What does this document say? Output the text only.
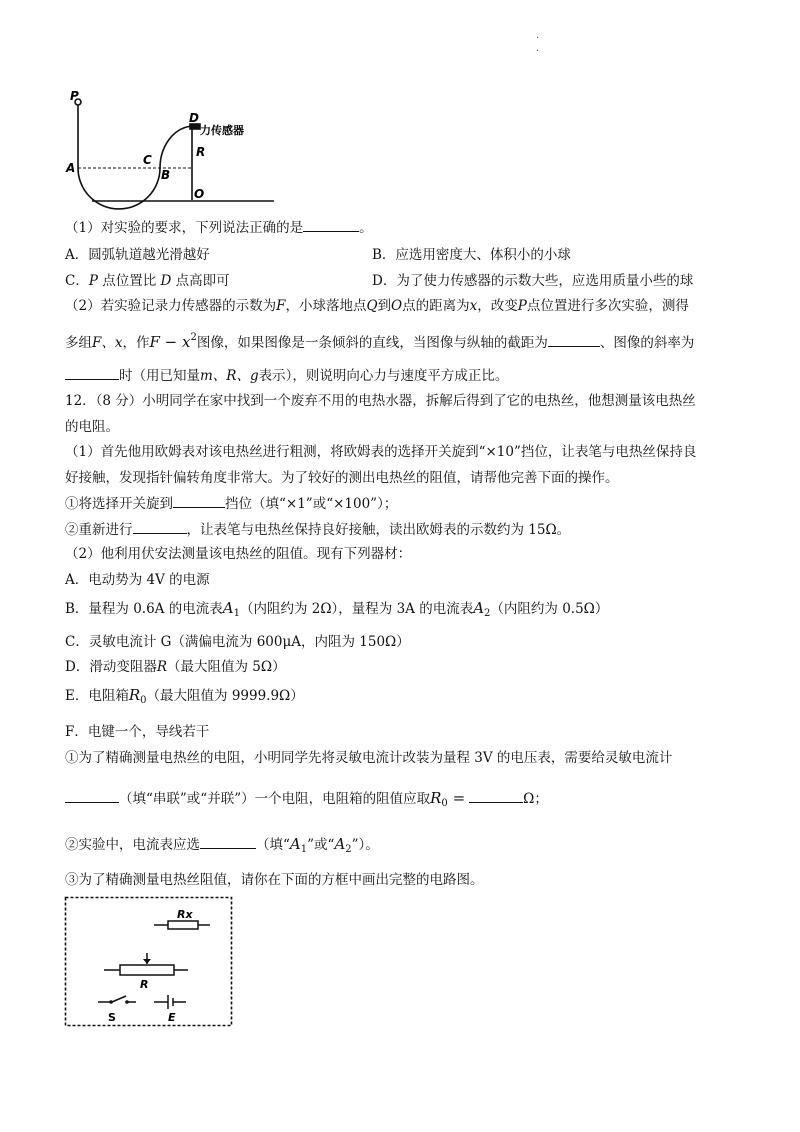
.
.
P
D
力传感器
R
A
C
B
O
（1）对实验的要求，下列说法正确的是	。
A．圆弧轨道越光滑越好	B．应选用密度大、体积小的小球
C．P 点位置比 D 点高即可	D．为了使力传感器的示数大些，应选用质量小些的球
（2）若实验记录力传感器的示数为F，小球落地点Q到O点的距离为x，改变P点位置进行多次实验，测得
多组F、x，作$F - x^2$图像，如果图像是一条倾斜的直线，当图像与纵轴的截距为	、图像的斜率为
时（用已知量m、R、g表示），则说明向心力与速度平方成正比。
12．（8 分）小明同学在家中找到一个废弃不用的电热水器，拆解后得到了它的电热丝，他想测量该电热丝
的电阻。
（1）首先他用欧姆表对该电热丝进行粗测，将欧姆表的选择开关旋到“×10”挡位，让表笔与电热丝保持良
好接触，发现指针偏转角度非常大。为了较好的测出电热丝的阻值，请帮他完善下面的操作。
①将选择开关旋到	挡位（填“×1”或“×100”）；
②重新进行	，让表笔与电热丝保持良好接触，读出欧姆表的示数约为 15Ω。
（2）他利用伏安法测量该电热丝的阻值。现有下列器材：
A．电动势为 4V 的电源
B．量程为 0.6A 的电流表$A_1$（内阻约为 2Ω），量程为 3A 的电流表$A_2$（内阻约为 0.5Ω）
C．灵敏电流计 G（满偏电流为 600μA，内阻为 150Ω）
D．滑动变阻器R（最大阻值为 5Ω）
E．电阻箱$R_0$（最大阻值为 9999.9Ω）
F．电键一个，导线若干
①为了精确测量电热丝的电阻，小明同学先将灵敏电流计改装为量程 3V 的电压表，需要给灵敏电流计
（填“串联”或“并联”）一个电阻，电阻箱的阻值应取$R_0$ =	Ω；
②实验中，电流表应选	（填“$A_1$”或“$A_2$”）。
③为了精确测量电热丝阻值，请你在下面的方框中画出完整的电路图。
Rx
R
S	E
